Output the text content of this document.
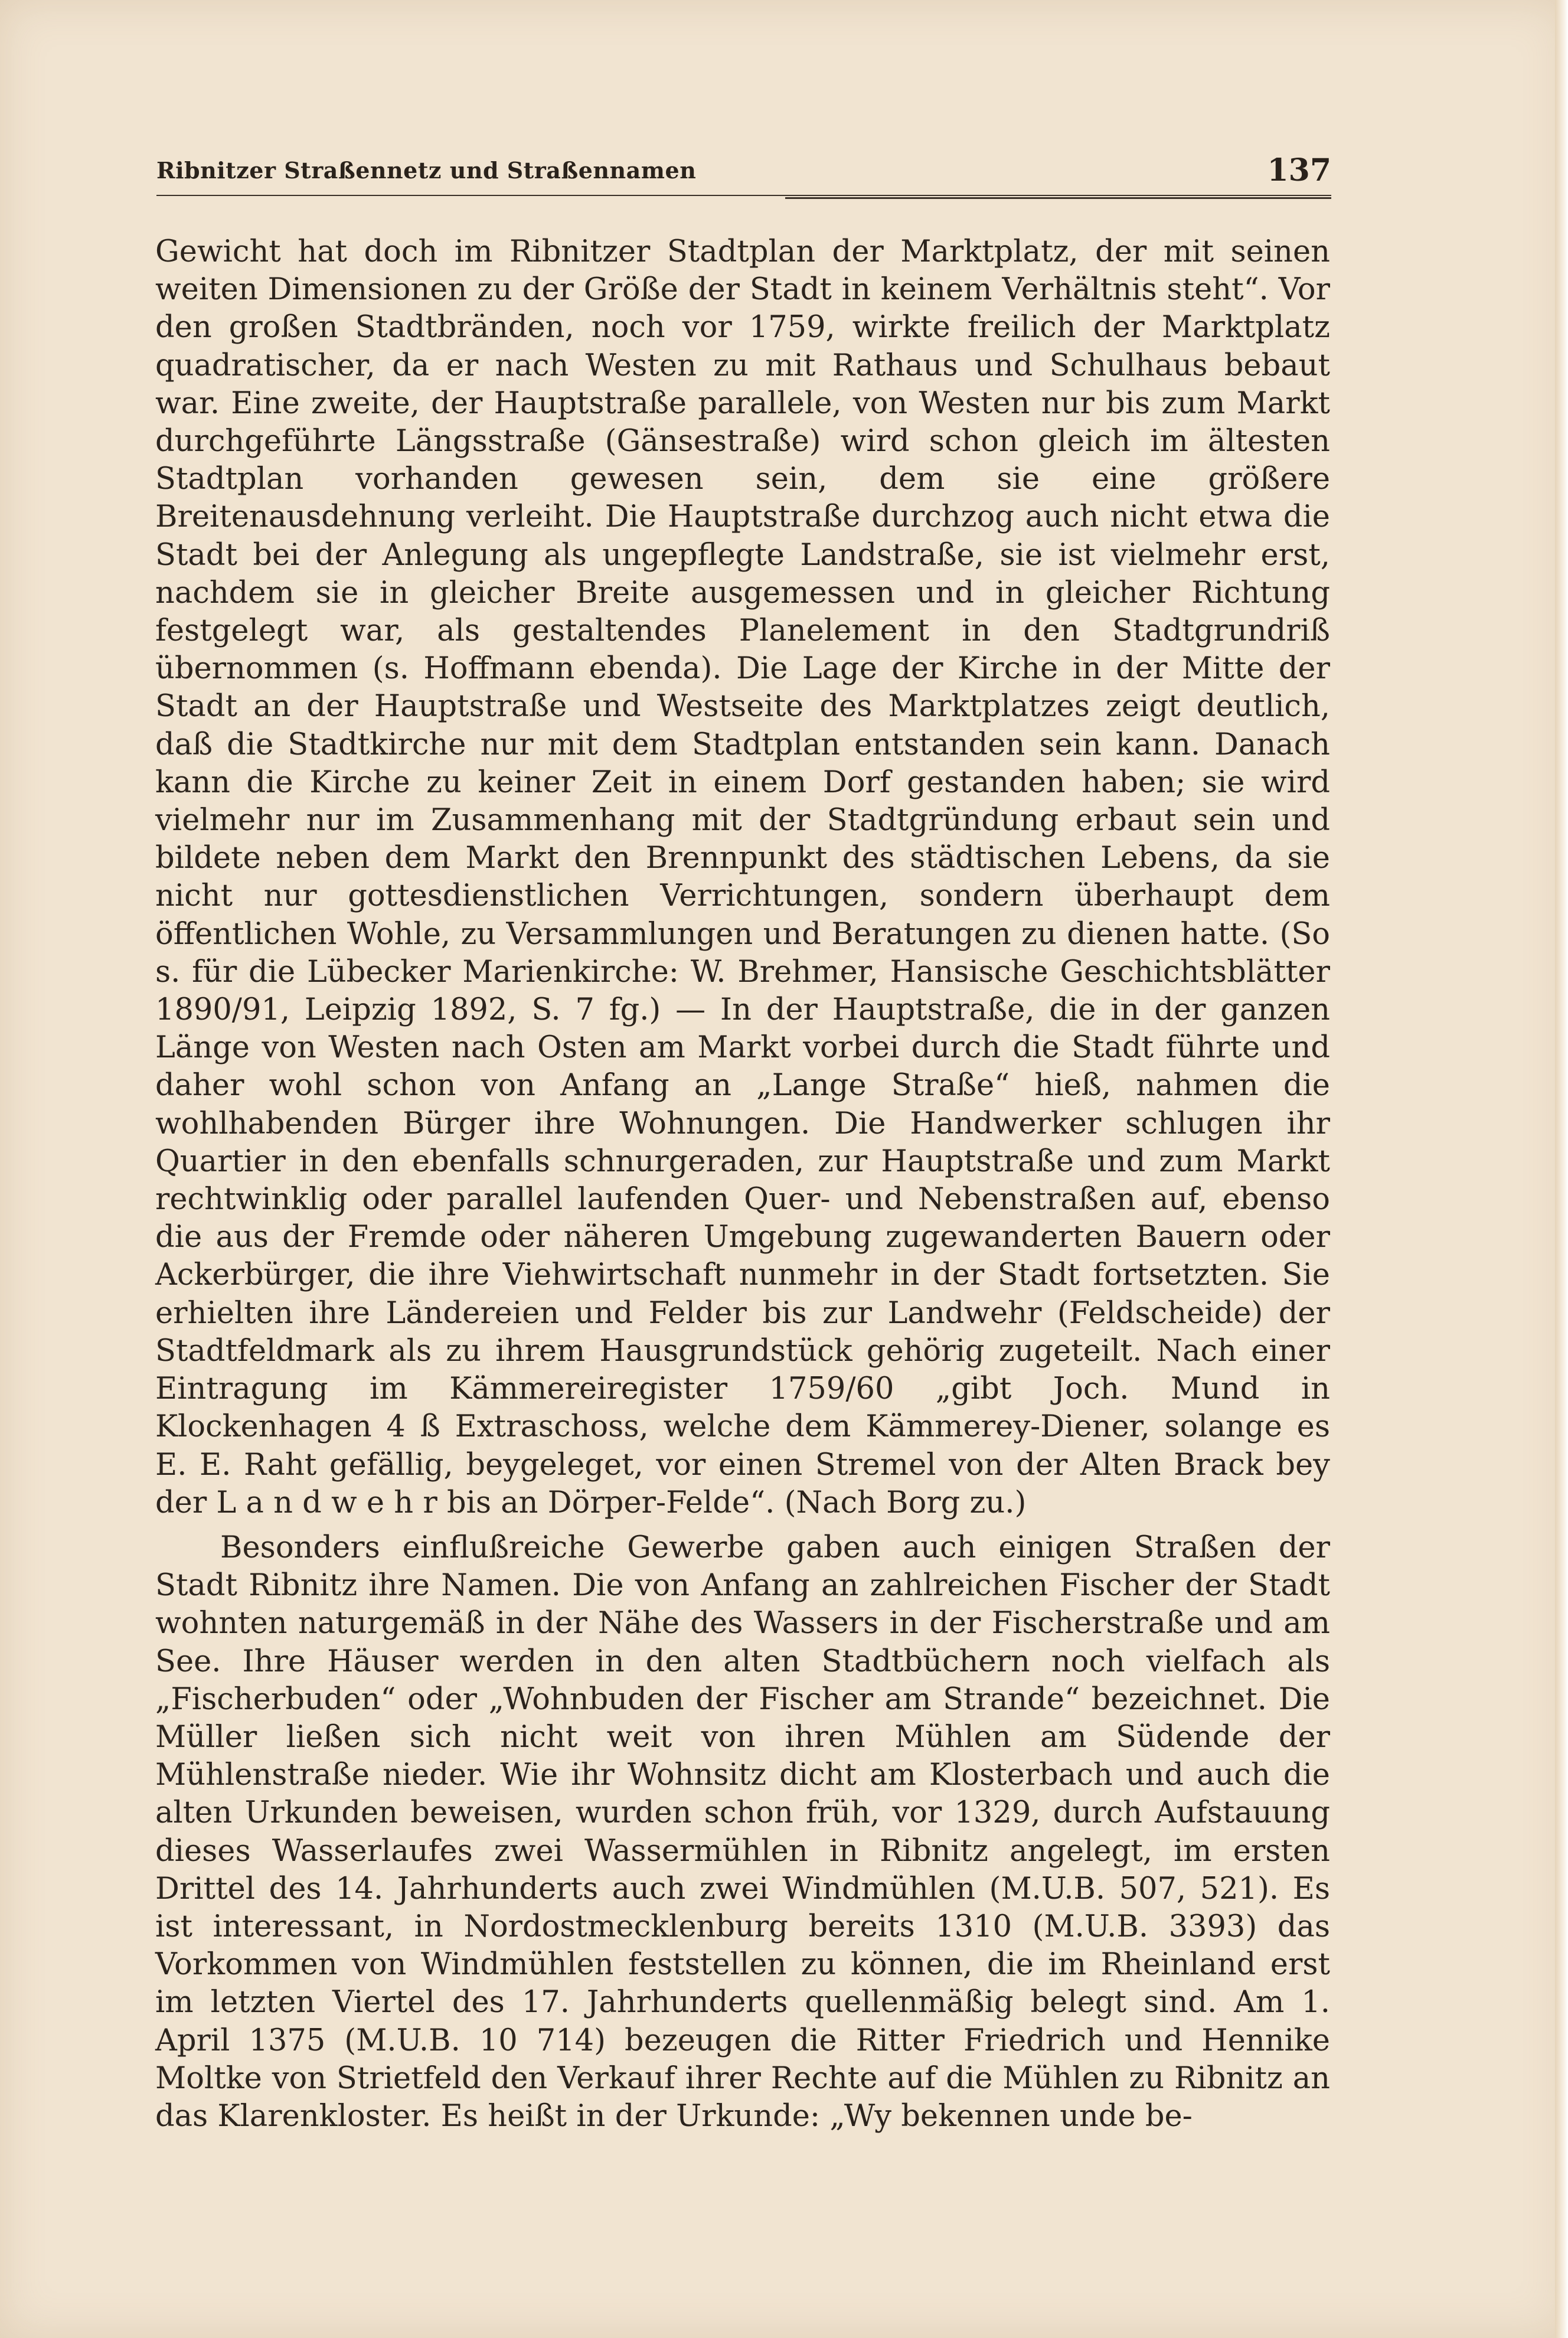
Ribnitzer Straßennetz und Straßennamen	137

Gewicht hat doch im Ribnitzer Stadtplan der Marktplatz, der mit seinen weiten Dimensionen zu der Größe der Stadt in keinem Verhältnis steht“. Vor den großen Stadtbränden, noch vor 1759, wirkte freilich der Marktplatz quadratischer, da er nach Westen zu mit Rathaus und Schulhaus bebaut war. Eine zweite, der Hauptstraße parallele, von Westen nur bis zum Markt durchgeführte Längsstraße (Gänsestraße) wird schon gleich im ältesten Stadtplan vorhanden gewesen sein, dem sie eine größere Breitenausdehnung verleiht. Die Hauptstraße durchzog auch nicht etwa die Stadt bei der Anlegung als ungepflegte Landstraße, sie ist vielmehr erst, nachdem sie in gleicher Breite ausgemessen und in gleicher Richtung festgelegt war, als gestaltendes Planelement in den Stadtgrundriß übernommen (s. Hoffmann ebenda). Die Lage der Kirche in der Mitte der Stadt an der Hauptstraße und Westseite des Marktplatzes zeigt deutlich, daß die Stadtkirche nur mit dem Stadtplan entstanden sein kann. Danach kann die Kirche zu keiner Zeit in einem Dorf gestanden haben; sie wird vielmehr nur im Zusammenhang mit der Stadtgründung erbaut sein und bildete neben dem Markt den Brennpunkt des städtischen Lebens, da sie nicht nur gottesdienstlichen Verrichtungen, sondern überhaupt dem öffentlichen Wohle, zu Versammlungen und Beratungen zu dienen hatte. (So s. für die Lübecker Marienkirche: W. Brehmer, Hansische Geschichtsblätter 1890/91, Leipzig 1892, S. 7 fg.) — In der Hauptstraße, die in der ganzen Länge von Westen nach Osten am Markt vorbei durch die Stadt führte und daher wohl schon von Anfang an „Lange Straße“ hieß, nahmen die wohlhabenden Bürger ihre Wohnungen. Die Handwerker schlugen ihr Quartier in den ebenfalls schnurgeraden, zur Hauptstraße und zum Markt rechtwinklig oder parallel laufenden Quer- und Nebenstraßen auf, ebenso die aus der Fremde oder näheren Umgebung zugewanderten Bauern oder Ackerbürger, die ihre Viehwirtschaft nunmehr in der Stadt fortsetzten. Sie erhielten ihre Ländereien und Felder bis zur Landwehr (Feldscheide) der Stadtfeldmark als zu ihrem Hausgrundstück gehörig zugeteilt. Nach einer Eintragung im Kämmereiregister 1759/60 „gibt Joch. Mund in Klockenhagen 4 ß Extraschoss, welche dem Kämmerey-Diener, solange es E. E. Raht gefällig, beygeleget, vor einen Stremel von der Alten Brack bey der L a n d w e h r bis an Dörper-Felde“. (Nach Borg zu.)

Besonders einflußreiche Gewerbe gaben auch einigen Straßen der Stadt Ribnitz ihre Namen. Die von Anfang an zahlreichen Fischer der Stadt wohnten naturgemäß in der Nähe des Wassers in der Fischerstraße und am See. Ihre Häuser werden in den alten Stadtbüchern noch vielfach als „Fischerbuden“ oder „Wohnbuden der Fischer am Strande“ bezeichnet. Die Müller ließen sich nicht weit von ihren Mühlen am Südende der Mühlenstraße nieder. Wie ihr Wohnsitz dicht am Klosterbach und auch die alten Urkunden beweisen, wurden schon früh, vor 1329, durch Aufstauung dieses Wasserlaufes zwei Wassermühlen in Ribnitz angelegt, im ersten Drittel des 14. Jahrhunderts auch zwei Windmühlen (M.U.B. 507, 521). Es ist interessant, in Nordostmecklenburg bereits 1310 (M.U.B. 3393) das Vorkommen von Windmühlen feststellen zu können, die im Rheinland erst im letzten Viertel des 17. Jahrhunderts quellenmäßig belegt sind. Am 1. April 1375 (M.U.B. 10 714) bezeugen die Ritter Friedrich und Hennike Moltke von Strietfeld den Verkauf ihrer Rechte auf die Mühlen zu Ribnitz an das Klarenkloster. Es heißt in der Urkunde: „Wy bekennen unde be-
